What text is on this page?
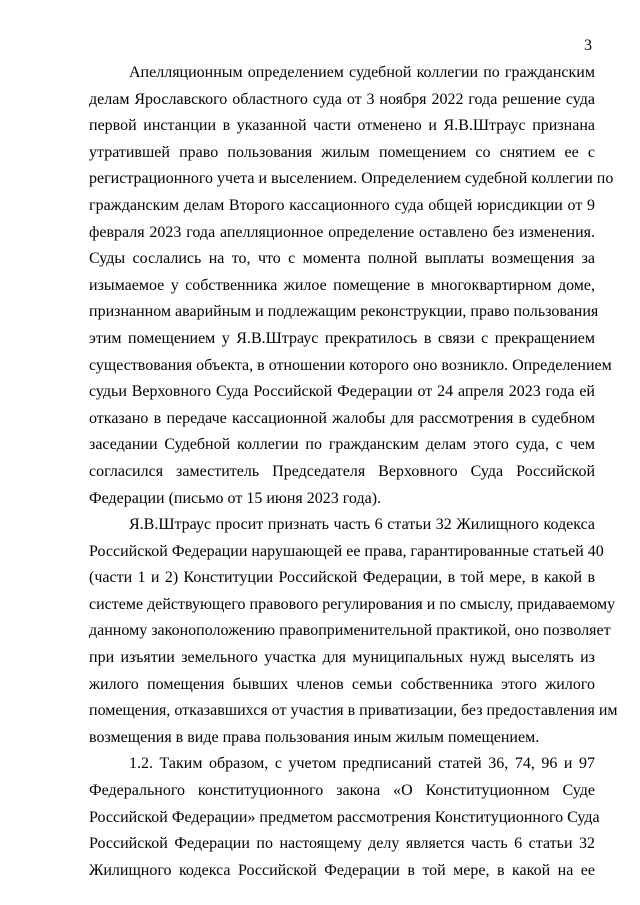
3

Апелляционным определением судебной коллегии по гражданским
делам Ярославского областного суда от 3 ноября 2022 года решение суда
первой инстанции в указанной части отменено и Я.В.Штраус признана
утратившей право пользования жилым помещением со снятием ее с
регистрационного учета и выселением. Определением судебной коллегии по
гражданским делам Второго кассационного суда общей юрисдикции от 9
февраля 2023 года апелляционное определение оставлено без изменения.
Суды сослались на то, что с момента полной выплаты возмещения за
изымаемое у собственника жилое помещение в многоквартирном доме,
признанном аварийным и подлежащим реконструкции, право пользования
этим помещением у Я.В.Штраус прекратилось в связи с прекращением
существования объекта, в отношении которого оно возникло. Определением
судьи Верховного Суда Российской Федерации от 24 апреля 2023 года ей
отказано в передаче кассационной жалобы для рассмотрения в судебном
заседании Судебной коллегии по гражданским делам этого суда, с чем
согласился заместитель Председателя Верховного Суда Российской
Федерации (письмо от 15 июня 2023 года).

Я.В.Штраус просит признать часть 6 статьи 32 Жилищного кодекса
Российской Федерации нарушающей ее права, гарантированные статьей 40
(части 1 и 2) Конституции Российской Федерации, в той мере, в какой в
системе действующего правового регулирования и по смыслу, придаваемому
данному законоположению правоприменительной практикой, оно позволяет
при изъятии земельного участка для муниципальных нужд выселять из
жилого помещения бывших членов семьи собственника этого жилого
помещения, отказавшихся от участия в приватизации, без предоставления им
возмещения в виде права пользования иным жилым помещением.

1.2. Таким образом, с учетом предписаний статей 36, 74, 96 и 97
Федерального конституционного закона «О Конституционном Суде
Российской Федерации» предметом рассмотрения Конституционного Суда
Российской Федерации по настоящему делу является часть 6 статьи 32
Жилищного кодекса Российской Федерации в той мере, в какой на ее
